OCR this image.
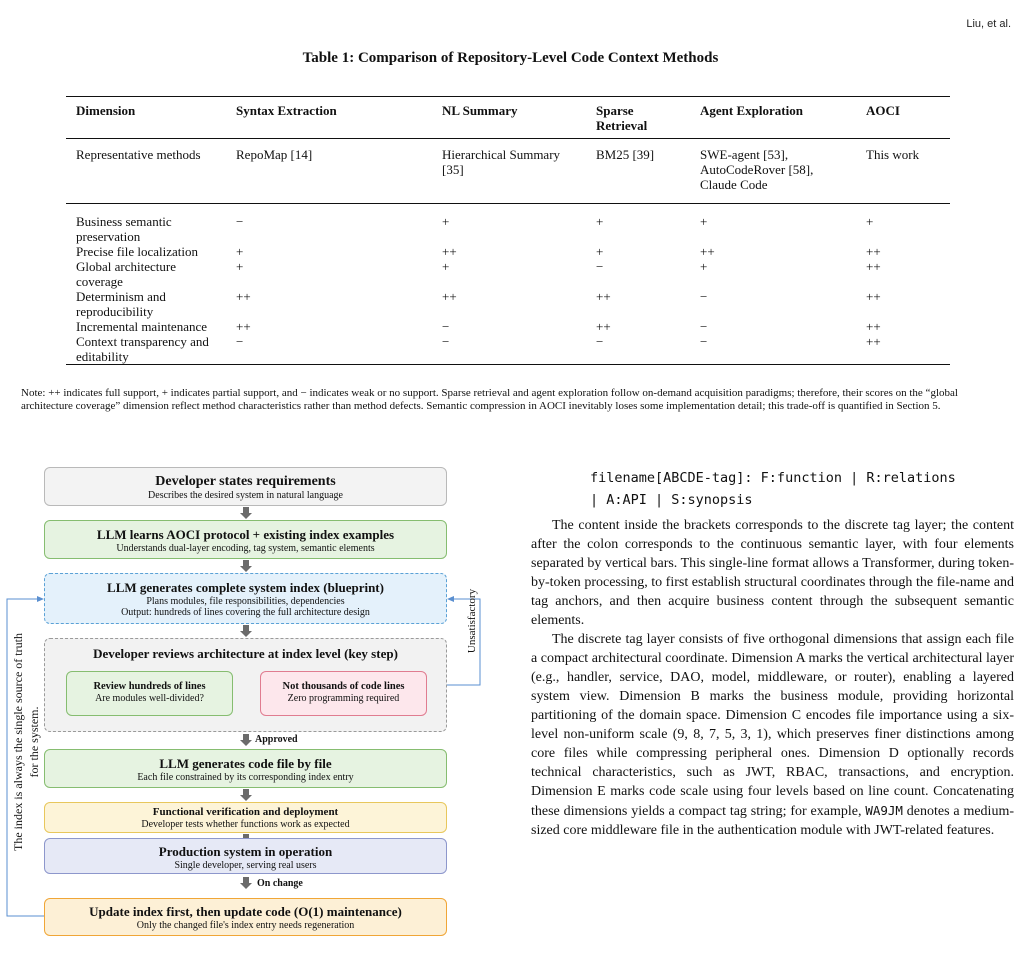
Liu, et al.
Table 1: Comparison of Repository-Level Code Context Methods
Dimension	Syntax Extraction	NL Summary	Sparse Retrieval	Agent Exploration	AOCI
Representative methods	RepoMap [14]	Hierarchical Summary [35]	BM25 [39]	SWE-agent [53], AutoCodeRover [58], Claude Code	This work
Business semantic preservation	−	+	+	+	+
Precise file localization	+	++	+	++	++
Global architecture coverage	+	+	−	+	++
Determinism and reproducibility	++	++	++	−	++
Incremental maintenance	++	−	++	−	++
Context transparency and editability	−	−	−	−	++
Note: ++ indicates full support, + indicates partial support, and − indicates weak or no support. Sparse retrieval and agent exploration follow on-demand acquisition paradigms; therefore, their scores on the “global architecture coverage” dimension reflect method characteristics rather than method defects. Semantic compression in AOCI inevitably loses some implementation detail; this trade-off is quantified in Section 5.
Developer states requirements
Describes the desired system in natural language
LLM learns AOCI protocol + existing index examples
Understands dual-layer encoding, tag system, semantic elements
LLM generates complete system index (blueprint)
Plans modules, file responsibilities, dependencies
Output: hundreds of lines covering the full architecture design
Developer reviews architecture at index level (key step)
Review hundreds of lines
Are modules well-divided?
Not thousands of code lines
Zero programming required
Approved
LLM generates code file by file
Each file constrained by its corresponding index entry
Functional verification and deployment
Developer tests whether functions work as expected
Production system in operation
Single developer, serving real users
On change
Update index first, then update code (O(1) maintenance)
Only the changed file's index entry needs regeneration
Unsatisfactory
The index is always the single source of truth for the system.
filename[ABCDE-tag]: F:function | R:relations
| A:API | S:synopsis
The content inside the brackets corresponds to the discrete tag layer; the content after the colon corresponds to the continuous semantic layer, with four elements separated by vertical bars. This single-line format allows a Transformer, during token-by-token processing, to first establish structural coordinates through the file-name and tag anchors, and then acquire business content through the subsequent semantic elements.
The discrete tag layer consists of five orthogonal dimensions that assign each file a compact architectural coordinate. Dimension A marks the vertical architectural layer (e.g., handler, service, DAO, model, middleware, or router), enabling a layered system view. Dimension B marks the business module, providing horizontal partitioning of the domain space. Dimension C encodes file importance using a six-level non-uniform scale (9, 8, 7, 5, 3, 1), which preserves finer distinctions among core files while compressing peripheral ones. Dimension D optionally records technical characteristics, such as JWT, RBAC, transactions, and encryption. Dimension E marks code scale using four levels based on line count. Concatenating these dimensions yields a compact tag string; for example, WA9JM denotes a medium-sized core middleware file in the authentication module with JWT-related features.
